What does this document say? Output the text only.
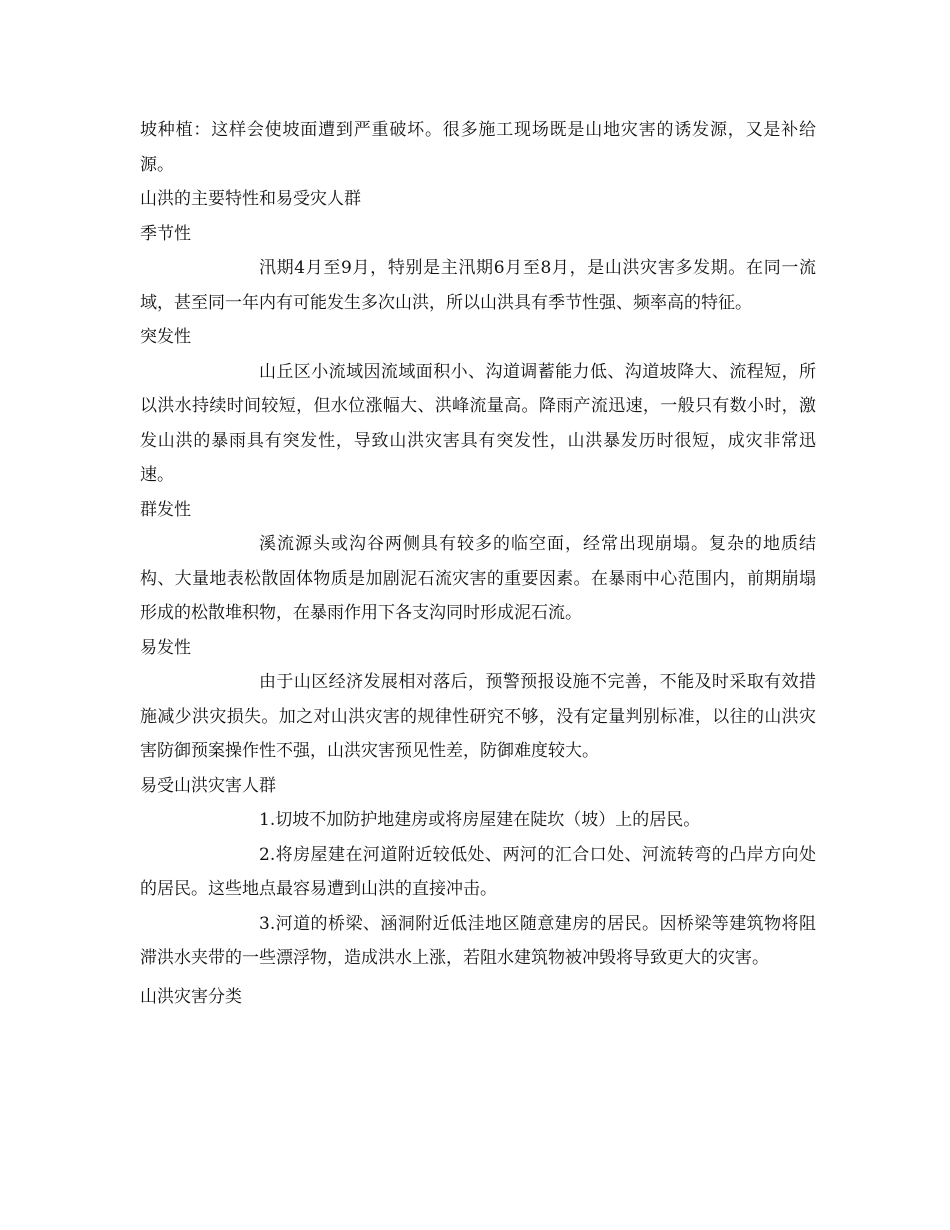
坡种植：这样会使坡面遭到严重破坏。很多施工现场既是山地灾害的诱发源，又是补给源。

山洪的主要特性和易受灾人群

季节性

汛期4月至9月，特别是主汛期6月至8月，是山洪灾害多发期。在同一流域，甚至同一年内有可能发生多次山洪，所以山洪具有季节性强、频率高的特征。

突发性

山丘区小流域因流域面积小、沟道调蓄能力低、沟道坡降大、流程短，所以洪水持续时间较短，但水位涨幅大、洪峰流量高。降雨产流迅速，一般只有数小时，激发山洪的暴雨具有突发性，导致山洪灾害具有突发性，山洪暴发历时很短，成灾非常迅速。

群发性

溪流源头或沟谷两侧具有较多的临空面，经常出现崩塌。复杂的地质结构、大量地表松散固体物质是加剧泥石流灾害的重要因素。在暴雨中心范围内，前期崩塌形成的松散堆积物，在暴雨作用下各支沟同时形成泥石流。

易发性

由于山区经济发展相对落后，预警预报设施不完善，不能及时采取有效措施减少洪灾损失。加之对山洪灾害的规律性研究不够，没有定量判别标准，以往的山洪灾害防御预案操作性不强，山洪灾害预见性差，防御难度较大。

易受山洪灾害人群

1.切坡不加防护地建房或将房屋建在陡坎（坡）上的居民。

2.将房屋建在河道附近较低处、两河的汇合口处、河流转弯的凸岸方向处的居民。这些地点最容易遭到山洪的直接冲击。

3.河道的桥梁、涵洞附近低洼地区随意建房的居民。因桥梁等建筑物将阻滞洪水夹带的一些漂浮物，造成洪水上涨，若阻水建筑物被冲毁将导致更大的灾害。

山洪灾害分类
